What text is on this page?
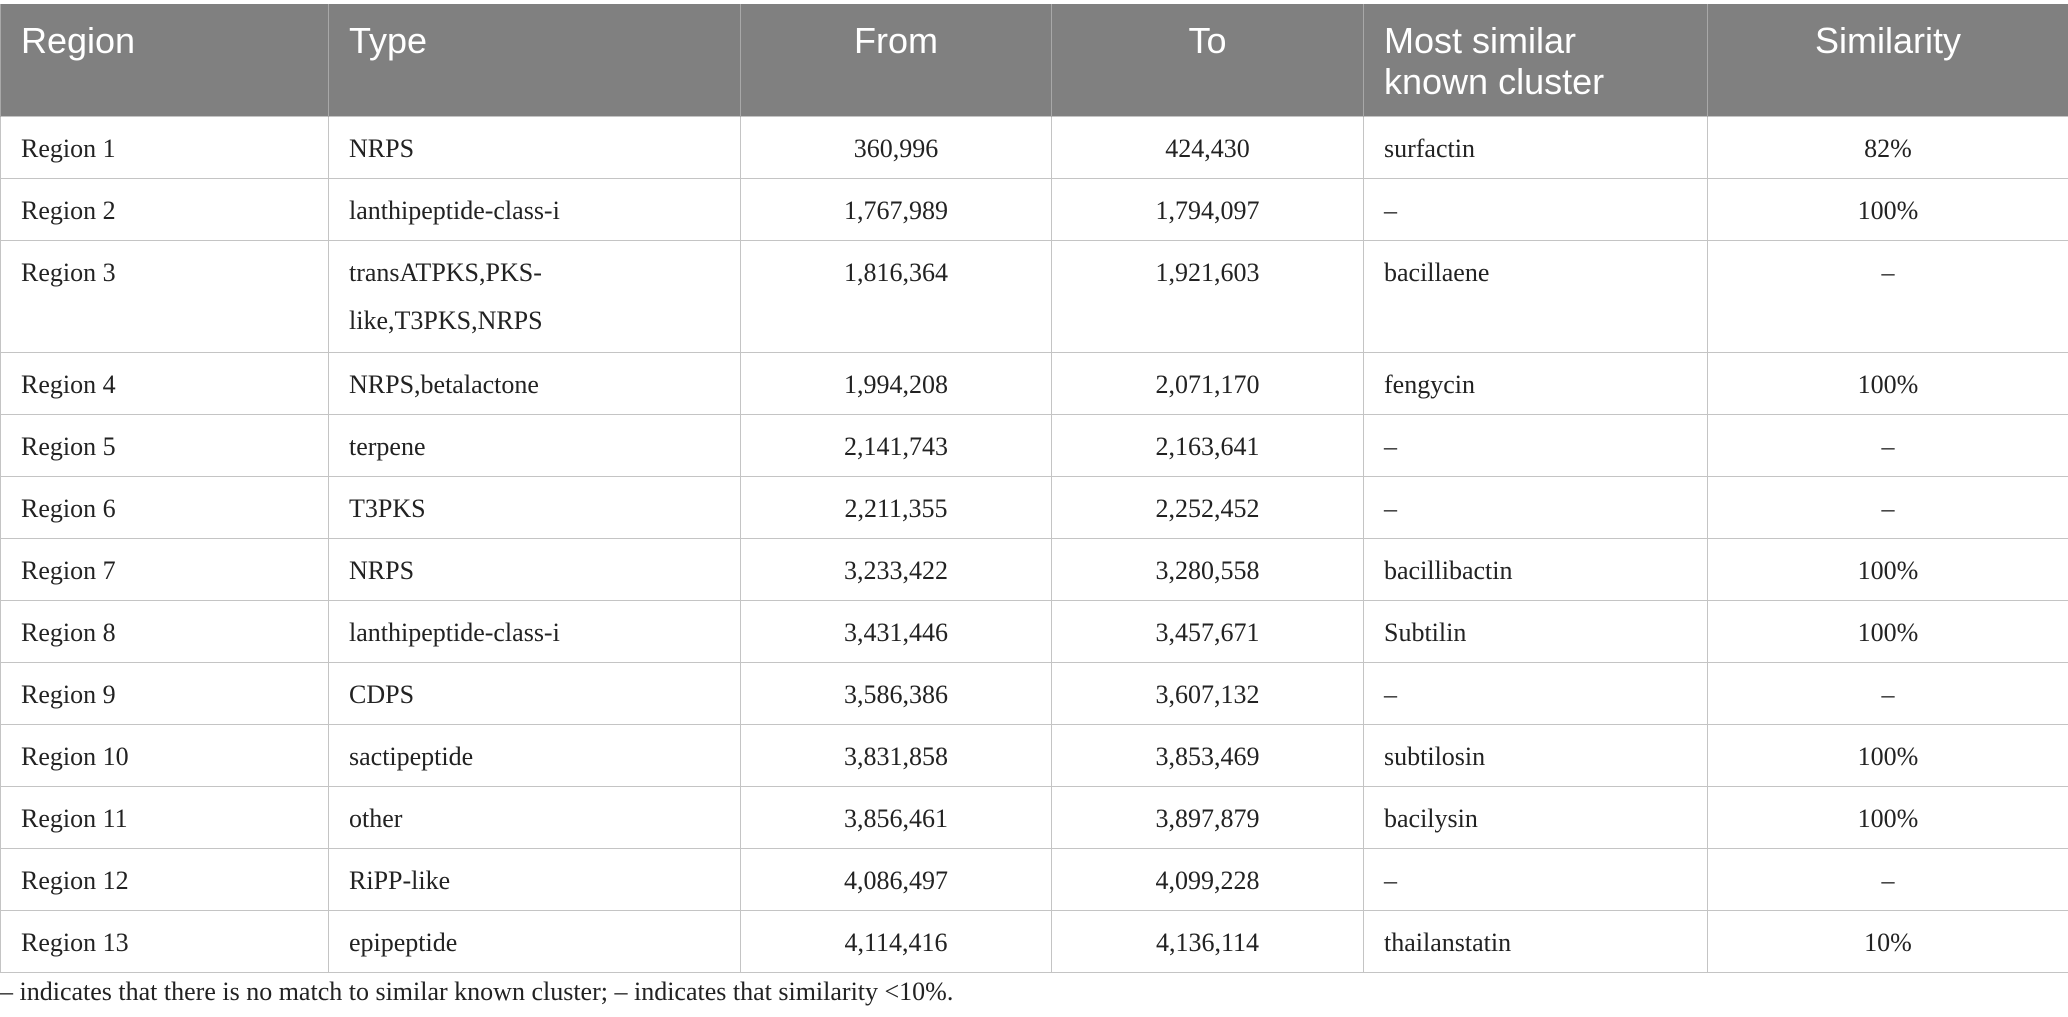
Region	Type	From	To	Most similar known cluster	Similarity
Region 1	NRPS	360,996	424,430	surfactin	82%
Region 2	lanthipeptide-class-i	1,767,989	1,794,097	–	100%
Region 3	transATPKS,PKS-like,T3PKS,NRPS	1,816,364	1,921,603	bacillaene	–
Region 4	NRPS,betalactone	1,994,208	2,071,170	fengycin	100%
Region 5	terpene	2,141,743	2,163,641	–	–
Region 6	T3PKS	2,211,355	2,252,452	–	–
Region 7	NRPS	3,233,422	3,280,558	bacillibactin	100%
Region 8	lanthipeptide-class-i	3,431,446	3,457,671	Subtilin	100%
Region 9	CDPS	3,586,386	3,607,132	–	–
Region 10	sactipeptide	3,831,858	3,853,469	subtilosin	100%
Region 11	other	3,856,461	3,897,879	bacilysin	100%
Region 12	RiPP-like	4,086,497	4,099,228	–	–
Region 13	epipeptide	4,114,416	4,136,114	thailanstatin	10%
– indicates that there is no match to similar known cluster; – indicates that similarity <10%.
